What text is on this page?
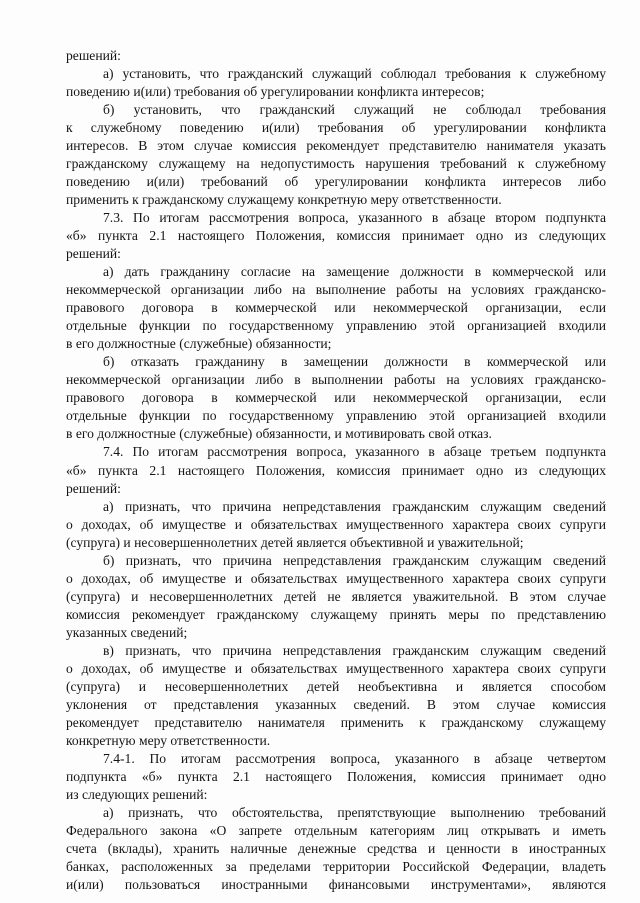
решений:
а) установить, что гражданский служащий соблюдал требования к служебному
поведению и(или) требования об урегулировании конфликта интересов;
б) установить, что гражданский служащий не соблюдал требования
к служебному поведению и(или) требования об урегулировании конфликта
интересов. В этом случае комиссия рекомендует представителю нанимателя указать
гражданскому служащему на недопустимость нарушения требований к служебному
поведению и(или) требований об урегулировании конфликта интересов либо
применить к гражданскому служащему конкретную меру ответственности.
7.3. По итогам рассмотрения вопроса, указанного в абзаце втором подпункта
«б» пункта 2.1 настоящего Положения, комиссия принимает одно из следующих
решений:
а) дать гражданину согласие на замещение должности в коммерческой или
некоммерческой организации либо на выполнение работы на условиях гражданско-
правового договора в коммерческой или некоммерческой организации, если
отдельные функции по государственному управлению этой организацией входили
в его должностные (служебные) обязанности;
б) отказать гражданину в замещении должности в коммерческой или
некоммерческой организации либо в выполнении работы на условиях гражданско-
правового договора в коммерческой или некоммерческой организации, если
отдельные функции по государственному управлению этой организацией входили
в его должностные (служебные) обязанности, и мотивировать свой отказ.
7.4. По итогам рассмотрения вопроса, указанного в абзаце третьем подпункта
«б» пункта 2.1 настоящего Положения, комиссия принимает одно из следующих
решений:
а) признать, что причина непредставления гражданским служащим сведений
о доходах, об имуществе и обязательствах имущественного характера своих супруги
(супруга) и несовершеннолетних детей является объективной и уважительной;
б) признать, что причина непредставления гражданским служащим сведений
о доходах, об имуществе и обязательствах имущественного характера своих супруги
(супруга) и несовершеннолетних детей не является уважительной. В этом случае
комиссия рекомендует гражданскому служащему принять меры по представлению
указанных сведений;
в) признать, что причина непредставления гражданским служащим сведений
о доходах, об имуществе и обязательствах имущественного характера своих супруги
(супруга) и несовершеннолетних детей необъективна и является способом
уклонения от представления указанных сведений. В этом случае комиссия
рекомендует представителю нанимателя применить к гражданскому служащему
конкретную меру ответственности.
7.4-1. По итогам рассмотрения вопроса, указанного в абзаце четвертом
подпункта «б» пункта 2.1 настоящего Положения, комиссия принимает одно
из следующих решений:
а) признать, что обстоятельства, препятствующие выполнению требований
Федерального закона «О запрете отдельным категориям лиц открывать и иметь
счета (вклады), хранить наличные денежные средства и ценности в иностранных
банках, расположенных за пределами территории Российской Федерации, владеть
и(или) пользоваться иностранными финансовыми инструментами», являются
